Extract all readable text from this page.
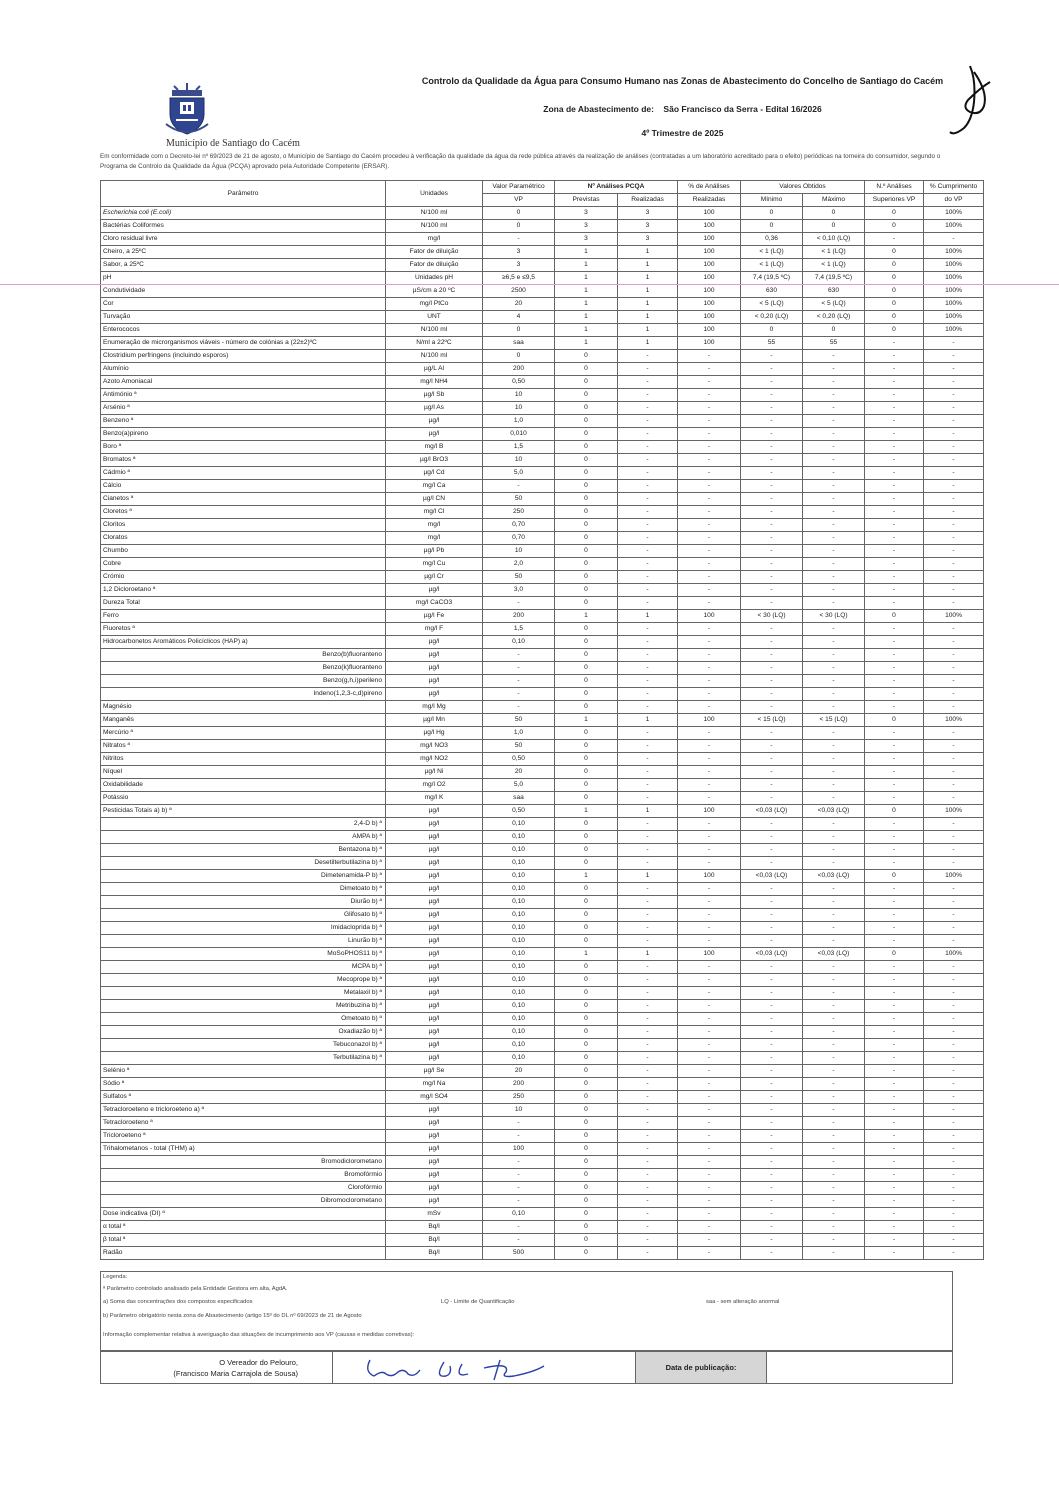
Município de Santiago do Cacém
Controlo da Qualidade da Água para Consumo Humano nas Zonas de Abastecimento do Concelho de Santiago do Cacém
Zona de Abastecimento de: São Francisco da Serra - Edital 16/2026
4º Trimestre de 2025
Em conformidade com o Decreto-lei nº 69/2023 de 21 de agosto, o Município de Santiago do Cacém procedeu à verificação da qualidade da água da rede pública através da realização de análises (contratadas a um laboratório acreditado para o efeito) periódicas na torneira do consumidor, segundo o Programa de Controlo da Qualidade da Água (PCQA) aprovado pela Autoridade Competente (ERSAR).
Parâmetro	Unidades	Valor Paramétrico	Nº Análises PCQA		% de Análises	Valores Obtidos		N.º Análises	% Cumprimento
		VP	Previstas	Realizadas	Realizadas	Mínimo	Máximo	Superiores VP	do VP
Escherichia coli (E.coli)	N/100 ml	0	3	3	100	0	0	0	100%
Bactérias Coliformes	N/100 ml	0	3	3	100	0	0	0	100%
Cloro residual livre	mg/l	-	3	3	100	0,36	< 0,10 (LQ)	-	-
Cheiro, a 25ºC	Fator de diluição	3	1	1	100	< 1 (LQ)	< 1 (LQ)	0	100%
Sabor, a 25ºC	Fator de diluição	3	1	1	100	< 1 (LQ)	< 1 (LQ)	0	100%
pH	Unidades pH	≥6,5 e ≤9,5	1	1	100	7,4 (19,5 ºC)	7,4 (19,5 ºC)	0	100%
Condutividade	µS/cm a 20 ºC	2500	1	1	100	630	630	0	100%
Cor	mg/l PtCo	20	1	1	100	< 5 (LQ)	< 5 (LQ)	0	100%
Turvação	UNT	4	1	1	100	< 0,20 (LQ)	< 0,20 (LQ)	0	100%
Enterococos	N/100 ml	0	1	1	100	0	0	0	100%
Enumeração de microrganismos viáveis - número de colónias a (22±2)ºC	N/ml a 22ºC	saa	1	1	100	55	55	-	-
Clostridium perfringens (incluindo esporos)	N/100 ml	0	0	-	-	-	-	-	-
Alumínio	µg/L Al	200	0	-	-	-	-	-	-
Azoto Amoniacal	mg/l NH4	0,50	0	-	-	-	-	-	-
Antimónio ª	µg/l Sb	10	0	-	-	-	-	-	-
Arsénio ª	µg/l As	10	0	-	-	-	-	-	-
Benzeno ª	µg/l	1,0	0	-	-	-	-	-	-
Benzo(a)pireno	µg/l	0,010	0	-	-	-	-	-	-
Boro ª	mg/l B	1,5	0	-	-	-	-	-	-
Bromatos ª	µg/l BrO3	10	0	-	-	-	-	-	-
Cádmio ª	µg/l Cd	5,0	0	-	-	-	-	-	-
Cálcio	mg/l Ca	-	0	-	-	-	-	-	-
Cianetos ª	µg/l CN	50	0	-	-	-	-	-	-
Cloretos ª	mg/l Cl	250	0	-	-	-	-	-	-
Cloritos	mg/l	0,70	0	-	-	-	-	-	-
Cloratos	mg/l	0,70	0	-	-	-	-	-	-
Chumbo	µg/l Pb	10	0	-	-	-	-	-	-
Cobre	mg/l Cu	2,0	0	-	-	-	-	-	-
Crómio	µg/l Cr	50	0	-	-	-	-	-	-
1,2 Dicloroetano ª	µg/l	3,0	0	-	-	-	-	-	-
Dureza Total	mg/l CaCO3	-	0	-	-	-	-	-	-
Ferro	µg/l Fe	200	1	1	100	< 30 (LQ)	< 30 (LQ)	0	100%
Fluoretos ª	mg/l F	1,5	0	-	-	-	-	-	-
Hidrocarbonetos Aromáticos Policíclicos (HAP) a)	µg/l	0,10	0	-	-	-	-	-	-
Benzo(b)fluoranteno	µg/l	-	0	-	-	-	-	-	-
Benzo(k)fluoranteno	µg/l	-	0	-	-	-	-	-	-
Benzo(g,h,i)perileno	µg/l	-	0	-	-	-	-	-	-
Indeno(1,2,3-c,d)pireno	µg/l	-	0	-	-	-	-	-	-
Magnésio	mg/l Mg	-	0	-	-	-	-	-	-
Manganês	µg/l Mn	50	1	1	100	< 15 (LQ)	< 15 (LQ)	0	100%
Mercúrio ª	µg/l Hg	1,0	0	-	-	-	-	-	-
Nitratos ª	mg/l NO3	50	0	-	-	-	-	-	-
Nitritos	mg/l NO2	0,50	0	-	-	-	-	-	-
Níquel	µg/l Ni	20	0	-	-	-	-	-	-
Oxidabilidade	mg/l O2	5,0	0	-	-	-	-	-	-
Potássio	mg/l K	saa	0	-	-	-	-	-	-
Pesticidas Totais a) b) ª	µg/l	0,50	1	1	100	<0,03 (LQ)	<0,03 (LQ)	0	100%
2,4-D b) ª	µg/l	0,10	0	-	-	-	-	-	-
AMPA b) ª	µg/l	0,10	0	-	-	-	-	-	-
Bentazona b) ª	µg/l	0,10	0	-	-	-	-	-	-
Desetilterbutilazina b) ª	µg/l	0,10	0	-	-	-	-	-	-
Dimetenamida-P b) ª	µg/l	0,10	1	1	100	<0,03 (LQ)	<0,03 (LQ)	0	100%
Dimetoato b) ª	µg/l	0,10	0	-	-	-	-	-	-
Diurão b) ª	µg/l	0,10	0	-	-	-	-	-	-
Glifosato b) ª	µg/l	0,10	0	-	-	-	-	-	-
Imidacloprida b) ª	µg/l	0,10	0	-	-	-	-	-	-
Linurão b) ª	µg/l	0,10	0	-	-	-	-	-	-
MoSoPHOS11 b) ª	µg/l	0,10	1	1	100	<0,03 (LQ)	<0,03 (LQ)	0	100%
MCPA b) ª	µg/l	0,10	0	-	-	-	-	-	-
Mecoprope b) ª	µg/l	0,10	0	-	-	-	-	-	-
Metalaxil b) ª	µg/l	0,10	0	-	-	-	-	-	-
Metribuzina b) ª	µg/l	0,10	0	-	-	-	-	-	-
Ometoato b) ª	µg/l	0,10	0	-	-	-	-	-	-
Oxadiazão b) ª	µg/l	0,10	0	-	-	-	-	-	-
Tebuconazol b) ª	µg/l	0,10	0	-	-	-	-	-	-
Terbutilazina b) ª	µg/l	0,10	0	-	-	-	-	-	-
Selénio ª	µg/l Se	20	0	-	-	-	-	-	-
Sódio ª	mg/l Na	200	0	-	-	-	-	-	-
Sulfatos ª	mg/l SO4	250	0	-	-	-	-	-	-
Tetracloroeteno e tricloroeteno a) ª	µg/l	10	0	-	-	-	-	-	-
Tetracloroeteno ª	µg/l	-	0	-	-	-	-	-	-
Tricloroeteno ª	µg/l	-	0	-	-	-	-	-	-
Trihalometanos - total (THM) a)	µg/l	100	0	-	-	-	-	-	-
Bromodiclorometano	µg/l	-	0	-	-	-	-	-	-
Bromofórmio	µg/l	-	0	-	-	-	-	-	-
Clorofórmio	µg/l	-	0	-	-	-	-	-	-
Dibromoclorometano	µg/l	-	0	-	-	-	-	-	-
Dose indicativa (DI) ª	mSv	0,10	0	-	-	-	-	-	-
α total ª	Bq/l	-	0	-	-	-	-	-	-
β total ª	Bq/l	-	0	-	-	-	-	-	-
Radão	Bq/l	500	0	-	-	-	-	-	-
Legenda:
ª Parâmetro controlado analisado pela Entidade Gestora em alta, AgdA.
a) Soma das concentrações dos compostos especificados	LQ - Limite de Quantificação	saa - sem alteração anormal
b) Parâmetro obrigatório nesta zona de Abastecimento (artigo 15º do DL nº 69/2023 de 21 de Agosto
Informação complementar relativa à averiguação das situações de incumprimento aos VP (causas e medidas corretivas):
O Vereador do Pelouro,
(Francisco Maria Carrajola de Sousa)
Data de publicação:
